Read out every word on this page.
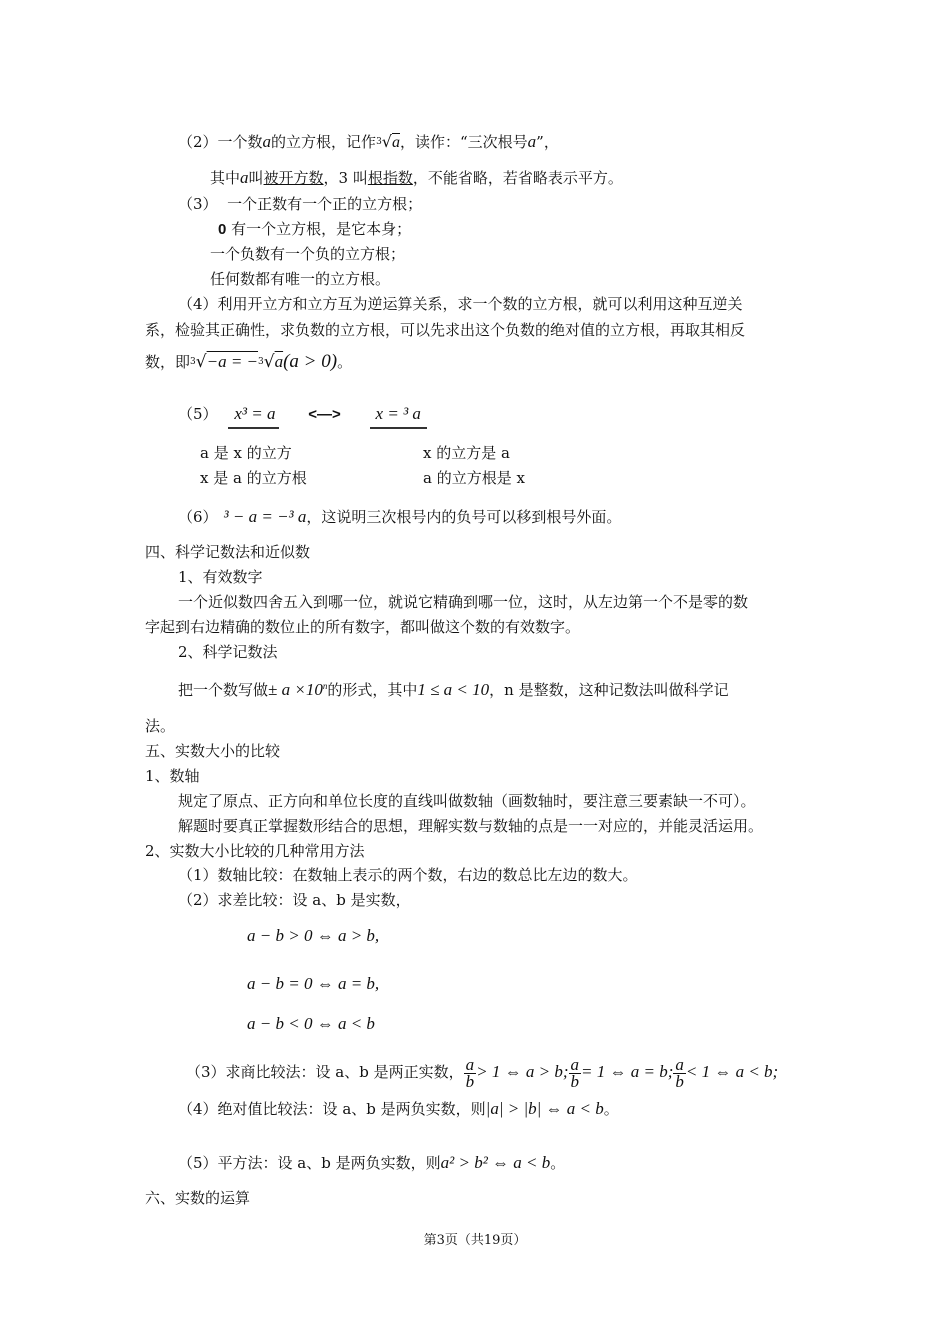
（2）一个数a的立方根，记作$^3$√a，读作：“三次根号a”，
其中a叫被开方数，3 叫根指数，不能省略，若省略表示平方。
（3） 一个正数有一个正的立方根；
0 有一个立方根，是它本身；
一个负数有一个负的立方根；
任何数都有唯一的立方根。
（4）利用开立方和立方互为逆运算关系，求一个数的立方根，就可以利用这种互逆关
系，检验其正确性，求负数的立方根，可以先求出这个负数的绝对值的立方根，再取其相反
数，即$^3$√−a = −$^3$√a(a > 0)。
（5） x³ = a <—> x = ³ a
a 是 x 的立方	x 的立方是 a
x 是 a 的立方根	a 的立方根是 x
（6） ³ − a = −³ a，这说明三次根号内的负号可以移到根号外面。
四、科学记数法和近似数
1、有效数字
一个近似数四舍五入到哪一位，就说它精确到哪一位，这时，从左边第一个不是零的数
字起到右边精确的数位止的所有数字，都叫做这个数的有效数字。
2、科学记数法
把一个数写做± $a \times 10^n$的形式，其中1 ≤ a < 10，n 是整数，这种记数法叫做科学记
法。
五、实数大小的比较
1、数轴
规定了原点、正方向和单位长度的直线叫做数轴（画数轴时，要注意三要素缺一不可）。
解题时要真正掌握数形结合的思想，理解实数与数轴的点是一一对应的，并能灵活运用。
2、实数大小比较的几种常用方法
（1）数轴比较：在数轴上表示的两个数，右边的数总比左边的数大。
（2）求差比较：设 a、b 是实数，
a − b > 0 ⇔ a > b,
a − b = 0 ⇔ a = b,
a − b < 0 ⇔ a < b
（3）求商比较法：设 a、b 是两正实数， $\frac{a}{b} > 1$ ⇔ a > b; $\frac{a}{b} = 1$ ⇔ a = b; $\frac{a}{b} < 1$ ⇔ a < b;
（4）绝对值比较法：设 a、b 是两负实数，则|a| > |b| ⇔ a < b。
（5）平方法：设 a、b 是两负实数，则a² > b² ⇔ a < b。
六、实数的运算
第3页（共19页）
